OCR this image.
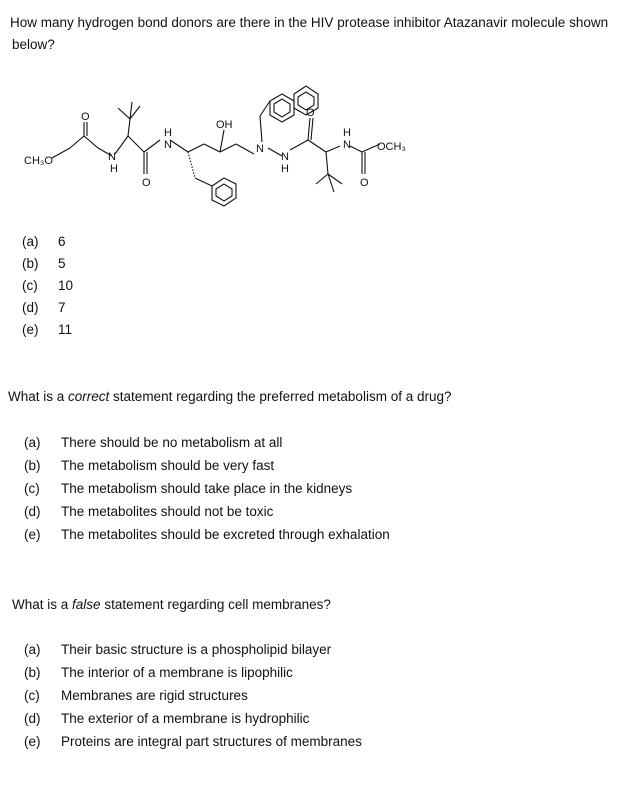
How many hydrogen bond donors are there in the HIV protease inhibitor Atazanavir molecule shown
below?
CH₃O
O
N
H
O
H
N
OH
N
N
H
O
H
N
O
OCH₃
(a) 6
(b) 5
(c) 10
(d) 7
(e) 11
What is a correct statement regarding the preferred metabolism of a drug?
(a) There should be no metabolism at all
(b) The metabolism should be very fast
(c) The metabolism should take place in the kidneys
(d) The metabolites should not be toxic
(e) The metabolites should be excreted through exhalation
What is a false statement regarding cell membranes?
(a) Their basic structure is a phospholipid bilayer
(b) The interior of a membrane is lipophilic
(c) Membranes are rigid structures
(d) The exterior of a membrane is hydrophilic
(e) Proteins are integral part structures of membranes
